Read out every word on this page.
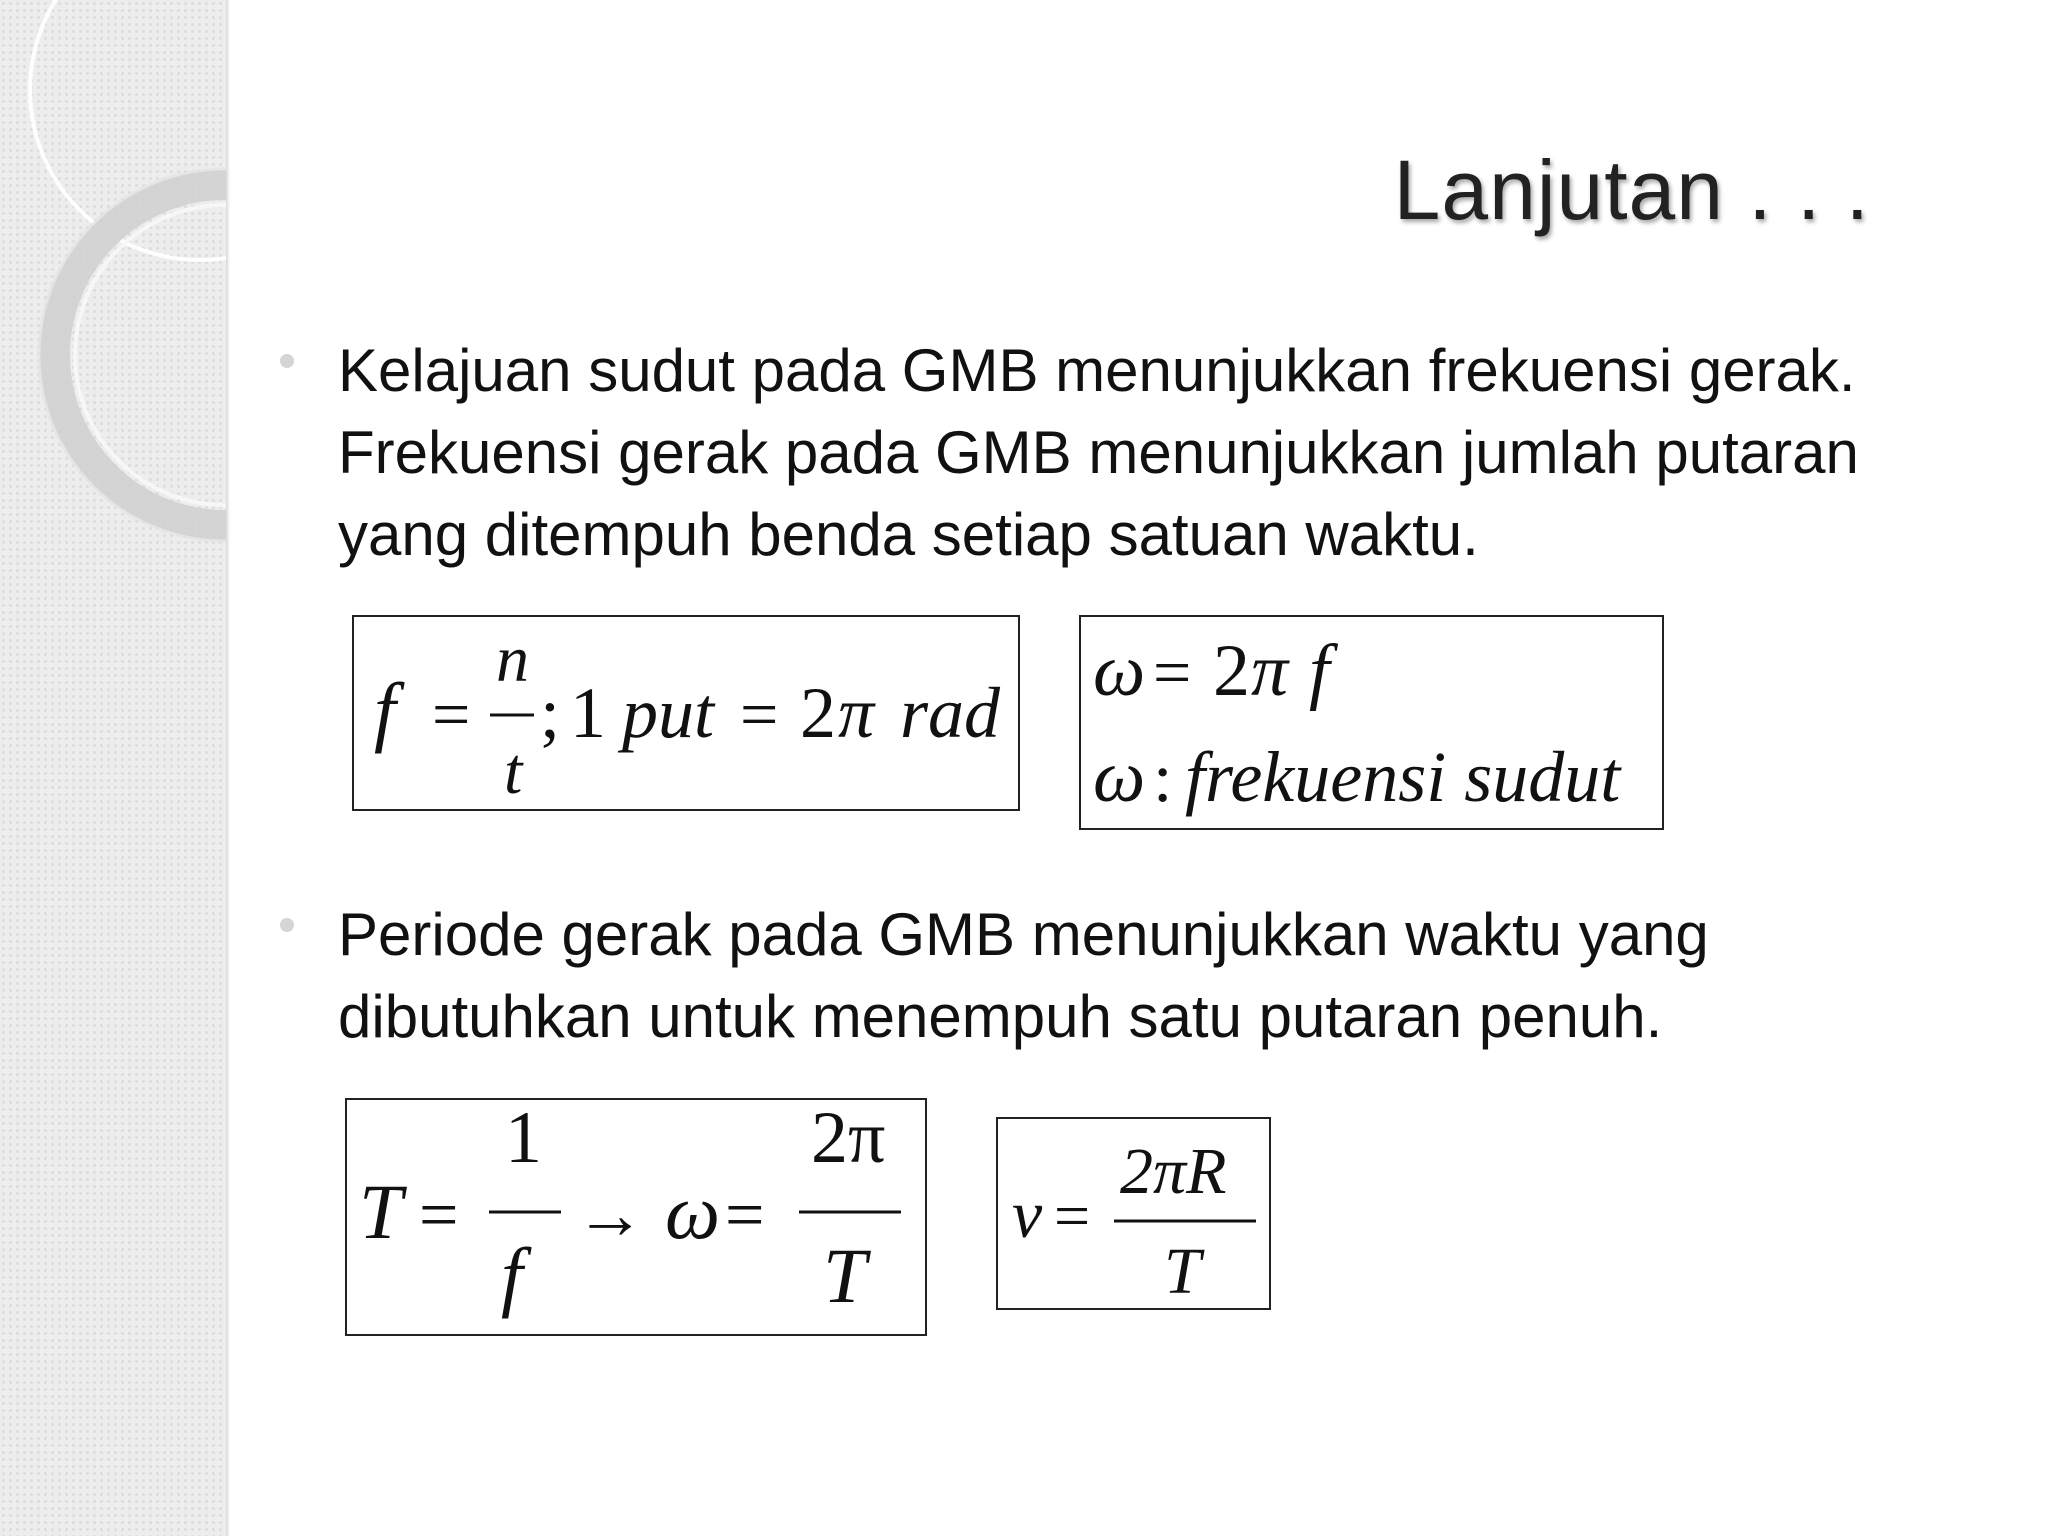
Lanjutan . . .

Kelajuan sudut pada GMB menunjukkan frekuensi gerak. Frekuensi gerak pada GMB menunjukkan jumlah putaran yang ditempuh benda setiap satuan waktu.

f =
n
t
; 1 put = 2 π rad
ω = 2 π f
ω : frekuensi sudut

Periode gerak pada GMB menunjukkan waktu yang dibutuhkan untuk menempuh satu putaran penuh.

T =
1
f
→ ω =
2π
T
v =
2πR
T
